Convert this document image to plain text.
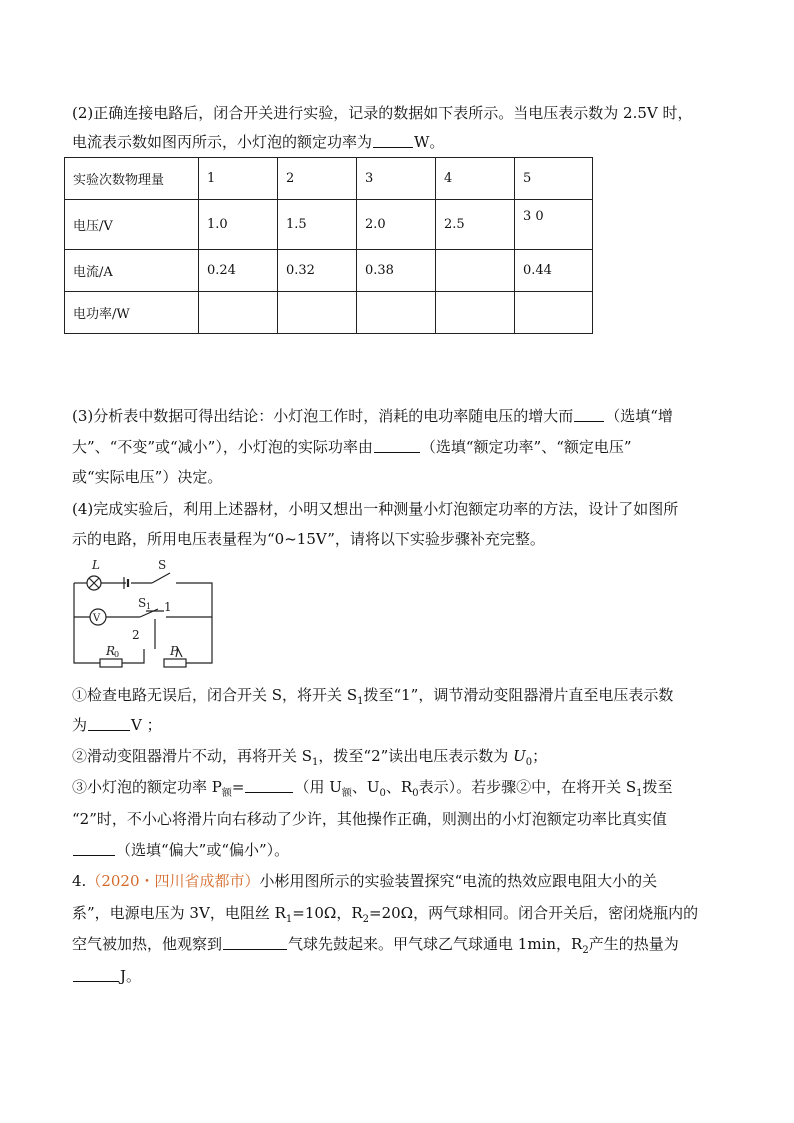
(2)正确连接电路后，闭合开关进行实验，记录的数据如下表所示。当电压表示数为 2.5V 时，
电流表示数如图丙所示，小灯泡的额定功率为	W。
实验次数物理量	1	2	3	4	5
电压/V	1.0	1.5	2.0	2.5	3 0
电流/A	0.24	0.32	0.38		0.44
电功率/W					
(3)分析表中数据可得出结论：小灯泡工作时，消耗的电功率随电压的增大而 （选填“增
大”、“不变”或“减小”），小灯泡的实际功率由	（选填“额定功率”、“额定电压”
或“实际电压”）决定。
(4)完成实验后，利用上述器材，小明又想出一种测量小灯泡额定功率的方法，设计了如图所
示的电路，所用电压表量程为“0~15V”，请将以下实验步骤补充完整。
L
V
S
S 1 1
2
R
0	P
①检查电路无误后，闭合开关 S，将开关 $S_1$拨至“1”，调节滑动变阻器滑片直至电压表示数
为	V ；
②滑动变阻器滑片不动，再将开关 $S_1$，拨至“2”读出电压表示数为 $U_0$；
③小灯泡的额定功率 $P_额=$	（用 $U_额$、$U_0$、$R_0$表示）。若步骤②中，在将开关 $S_1$拨至
“2”时，不小心将滑片向右移动了少许，其他操作正确，则测出的小灯泡额定功率比真实值
（选填“偏大”或“偏小”）。
4.（2020・四川省成都市）小彬用图所示的实验装置探究“电流的热效应跟电阻大小的关
系”，电源电压为 3V，电阻丝 $R_1=10\Omega$，$R_2=20\Omega$，两气球相同。闭合开关后，密闭烧瓶内的
空气被加热，他观察到	气球先鼓起来。甲气球乙气球通电 1min，$R_2$产生的热量为
J。
